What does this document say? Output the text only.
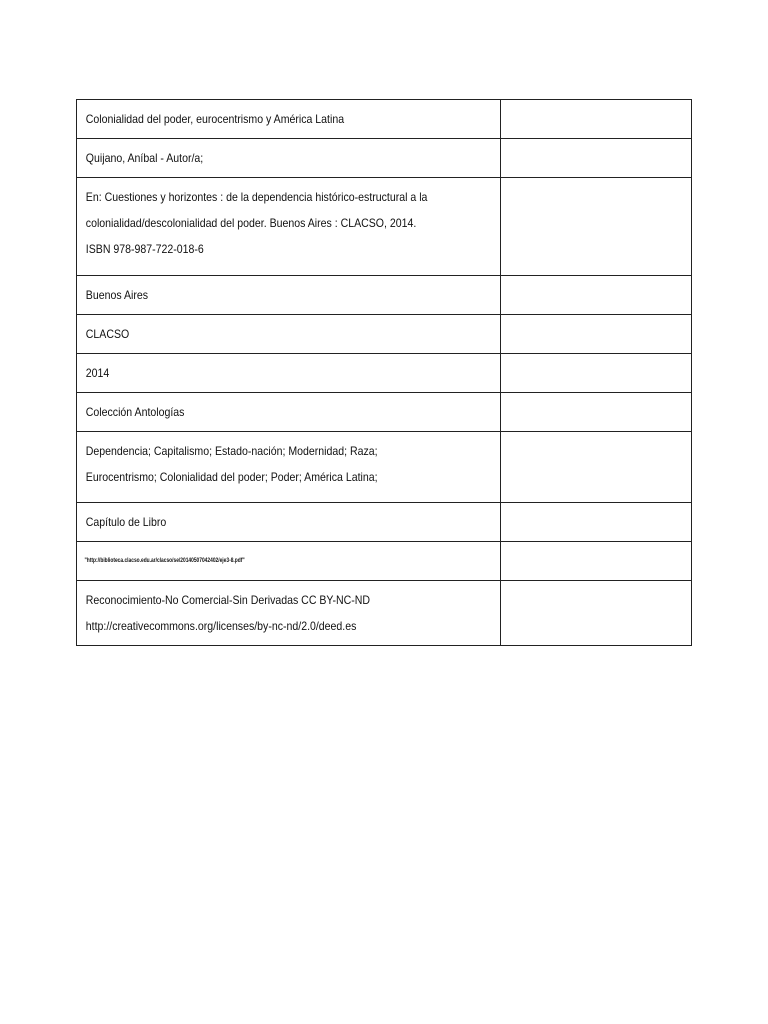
Colonialidad del poder, eurocentrismo y América Latina	

Quijano, Aníbal - Autor/a;	

En: Cuestiones y horizontes : de la dependencia histórico-estructural a la
colonialidad/descolonialidad del poder. Buenos Aires : CLACSO, 2014.
ISBN 978-987-722-018-6	

Buenos Aires	

CLACSO	

2014	

Colección Antologías	

Dependencia; Capitalismo; Estado-nación; Modernidad; Raza;
Eurocentrismo; Colonialidad del poder; Poder; América Latina;	

Capítulo de Libro	

"http://biblioteca.clacso.edu.ar/clacso/se/20140507042402/eje3-8.pdf"	

Reconocimiento-No Comercial-Sin Derivadas CC BY-NC-ND
http://creativecommons.org/licenses/by-nc-nd/2.0/deed.es	
